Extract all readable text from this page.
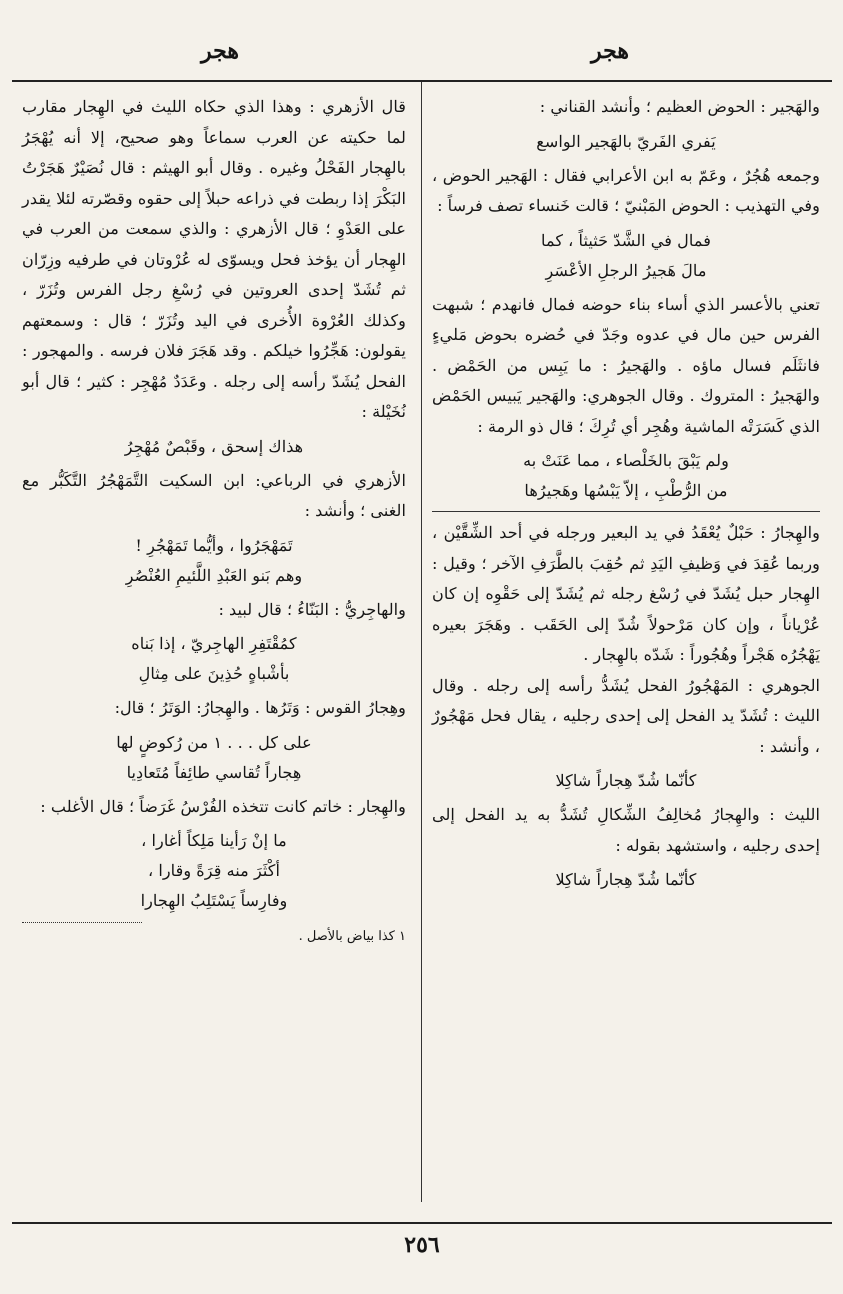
هجر
هجر

والهَجير : الحوض العظيم ؛ وأنشد القناني :

يَفري الفَريّ بالهَجير الواسع

وجمعه هُجُرٌ ، وعَمّ به ابن الأعرابي فقال : الهَجير الحوض ، وفي التهذيب : الحوض المَبْنيّ ؛ قالت خَنساء تصف فرساً :

فمال في الشَّدّ حَثيثاً ، كما
مالَ هَجيرُ الرجلِ الأعْسَرِ

تعني بالأعسر الذي أساء بناء حوضه فمال فانهدم ؛ شبهت الفرس حين مال في عدوه وجَدّ في حُضره بحوض مَليءٍ فانثَلَم فسال ماؤه . والهَجيرُ : ما يَبِس من الحَمْض . والهَجيرُ : المتروك . وقال الجوهري: والهَجير يَبيس الحَمْض الذي كَسَرَتْه الماشية وهُجِر أي تُرِكَ ؛ قال ذو الرمة :

ولم يَبْقَ بالخَلْصاء ، مما عَنَتْ به
من الرُّطْبِ ، إلاّ يَبْسُها وهَجيرُها

والهِجارُ : حَبْلٌ يُعْقَدُ في يد البعير ورجله في أحد الشِّقَّيْن ، وربما عُقِدَ في وَظيفِ اليَدِ ثم حُقِبَ بالطَّرَفِ الآخر ؛ وقيل : الهِجار حبل يُشَدّ في رُسْغ رجله ثم يُشَدّ إلى حَقْوِه إن كان عُرْياناً ، وإن كان مَرْحولاً شُدّ إلى الحَقَب . وهَجَرَ بعيره يَهْجُرُه هَجْراً وهُجُوراً : شَدّه بالهِجار .

الجوهري : المَهْجُورُ الفحل يُشَدُّ رأسه إلى رجله . وقال الليث : تُشَدّ يد الفحل إلى إحدى رجليه ، يقال فحل مَهْجُورٌ ، وأنشد :

كأنّما شُدّ هِجاراً شاكِلا

الليث : والهِجارُ مُخالِفُ الشِّكالِ تُشَدُّ به يد الفحل إلى إحدى رجليه ، واستشهد بقوله :

كأنّما شُدّ هِجاراً شاكِلا

قال الأزهري : وهذا الذي حكاه الليث في الهِجار مقارب لما حكيته عن العرب سماعاً وهو صحيح، إلا أنه يُهْجَرُ بالهِجار الفَحْلُ وغيره . وقال أبو الهيثم : قال نُصَيْرٌ هَجَرْتُ البَكْرَ إذا ربطت في ذراعه حبلاً إلى حقوه وقصّرته لئلا يقدر على العَدْوِ ؛ قال الأزهري : والذي سمعت من العرب في الهِجار أن يؤخذ فحل ويسوّى له عُرْوتان في طرفيه وزِرّان ثم تُشَدّ إحدى العروتين في رُسْغِ رجل الفرس وتُزَرّ ، وكذلك العُرْوة الأُخرى في اليد وتُزَرّ ؛ قال : وسمعتهم يقولون: هَجِّرُوا خيلكم . وقد هَجَرَ فلان فرسه . والمهجور : الفحل يُشَدّ رأسه إلى رجله . وعَدَدٌ مُهْجِر : كثير ؛ قال أبو نُخَيْلة :

هذاك إسحق ، وقَبْصٌ مُهْجِرُ

الأزهري في الرباعي: ابن السكيت التَّمَهْجُرُ التَّكَبُّر مع الغنى ؛ وأنشد :

تَمَهْجَرُوا ، وأيُّما تَمَهْجُرِ !
وهم بَنو العَبْدِ اللَّئيمِ العُنْصُرِ

والهاجِريُّ : البَنّاءُ ؛ قال لبيد :

كمُقْتَفِرِ الهاجِريّ ، إذا بَناه
بأشْباهٍ حُذِينَ على مِثالِ

وهِجارُ القوس : وَتَرُها . والهِجارُ: الوَتَرُ ؛ قال:

على كل . . . ١ من رُكوضٍ لها
هِجاراً تُقاسي طائِفاً مُتَعادِيا

والهِجار : خاتم كانت تتخذه الفُرْسُ غَرَضاً ؛ قال الأغلب :

ما إنْ رَأينا مَلِكاً أغارا ،
أكْثَرَ منه قِرَةً وقارا ،
وفارِساً يَسْتَلِبُ الهِجارا
١ كذا بياض بالأصل .
٢٥٦
